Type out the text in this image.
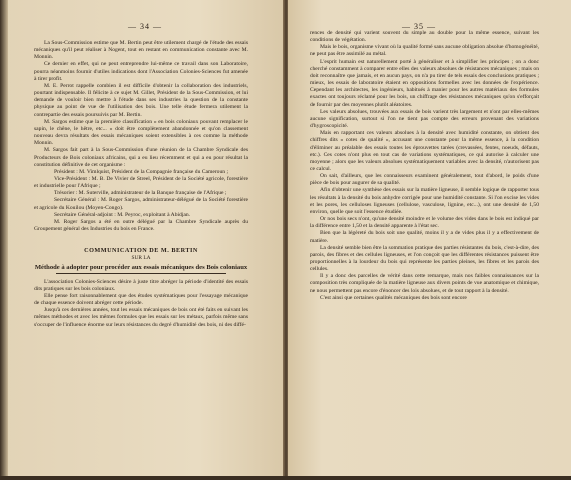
— 34 —

La Sous-Commission estime que M. Bertin peut être utilement chargé de l'étude des essais mécaniques qu'il peut réaliser à Nogent, tout en restant en communication constante avec M. Monnin.

Ce dernier en effet, qui ne peut entreprendre lui-même ce travail dans son Laboratoire, pourra néanmoins fournir d'utiles indications dont l'Association Colonies-Sciences fut amenée à tirer profit.

M. E. Perrot rappelle combien il est difficile d'obtenir la collaboration des industriels, pourtant indispensable. Il félicite à ce sujet M. Gillet, Président de la Sous-Commission, et lui demande de vouloir bien mettre à l'étude dans ses industries la question de la constante physique au point de vue de l'utilisation des bois. Une telle étude fermera utilement la contrepartie des essais poursuivis par M. Bertin.

M. Sargos estime que la première classification « en bois coloniaux pouvant remplacer le sapin, le chêne, le hêtre, etc... » doit être complètement abandonnée et qu'on classement nouveau devra résultats des essais mécaniques soient extensibles à ces comme la méthode Monnin.

M. Sargos fait part à la Sous-Commission d'une réunion de la Chambre Syndicale des Producteurs de Bois coloniaux africains, qui a eu lieu récemment et qui a eu pour résultat la constitution définitive de cet organisme :

Président : M. Vimlquist, Président de la Compagnie française du Cameroun ;

Vice-Président : M. B. De Vivier de Streel, Président de la Société agricole, forestière et industrielle pour l'Afrique ;

Trésorier : M. Suterville, administrateur de la Banque française de l'Afrique ;

Secrétaire Général : M. Roger Sargos, administrateur-délégué de la Société forestière et agricole du Kouilou (Moyen-Congo).

Secrétaire Général-adjoint : M. Peyroc, exploitant à Abidjan.

M. Roger Sargos a été en outre délégué par la Chambre Syndicale auprès du Groupement général des Industries du bois en France.

COMMUNICATION DE M. BERTIN
SUR LA
Méthode à adopter pour procéder aux essais mécaniques des Bois coloniaux

L'association Colonies-Sciences désire à juste titre abréger la période d'identité des essais dits pratiques sur les bois coloniaux.

Elle pense fort raisonnablement que des études systématiques pour l'essayage mécanique de chaque essence doivent abréger cette période.

Jusqu'à ces dernières années, tout les essais mécaniques de bois ont été faits en suivant les mêmes méthodes et avec les mêmes formules que les essais sur les métaux, parfois même sans s'occuper de l'influence énorme sur leurs résistances du degré d'humidité des bois, ni des diffé-

— 35 —

rences de densité qui varient souvent du simple au double pour la même essence, suivant les conditions de végétation.

Mais le bois, organisme vivant où la qualité formé sans aucune obligation absolue d'homogénéité, ne peut pas être assimilé au métal.

L'esprit humain est naturellement porté à généraliser et à simplifier les principes ; on a donc cherché constamment à comparer entre elles des valeurs absolues de résistances mécaniques ; mais on doit reconnaître que jamais, et en aucun pays, on n'a pu tirer de tels essais des conclusions pratiques ; mieux, les essais de laboratoire étaient en oppositions formelles avec les données de l'expérience. Cependant les architectes, les ingénieurs, habitués à manier pour les autres matériaux des formules exactes ont toujours réclamé pour les bois, un chiffrage des résistances mécaniques qu'on s'efforçait de fournir par des moyennes plutôt aléatoires.

Les valeurs absolues, trouvées aux essais de bois varient très largement et n'ont par elles-mêmes aucune signification, surtout si l'on ne tient pas compte des erreurs provenant des variations d'hygroscopicité.

Mais en rapportant ces valeurs absolues à la densité avec humidité constante, on obtient des chiffres dits « cotes de qualité », accusant une constante pour la même essence, à la condition d'éliminer au préalable des essais toutes les éprouvettes tarées (crevassées, fentes, noeuds, défauts, etc.). Ces cotes n'ont plus en tout cas de variations systématiques, ce qui autorise à calculer une moyenne ; alors que les valeurs absolues systématiquement variables avec la densité, n'autorisent pas ce calcul.

On sait, d'ailleurs, que les connaisseurs examinent généralement, tout d'abord, le poids d'une pièce de bois pour augurer de sa qualité.

Afin d'obtenir une synthèse des essais sur la matière ligneuse, il semble logique de rapporter tous les résultats à la densité du bois anhydre corrigée pour une humidité constante. Si l'on excise les vides et les pores, les celluloses ligneuses (cellulose, vasculose, lignine, etc...), ont une densité de 1,50 environ, quelle que soit l'essence étudiée.

Or nos bois secs n'ont, qu'une densité moindre et le volume des vides dans le bois est indiqué par la différence entre 1,50 et la densité apparente à l'état sec.

Bien que la légèreté du bois soit une qualité, moins il y a de vides plus il y a effectivement de matière.

La densité semble bien être la sommation pratique des parties résistantes du bois, c'est-à-dire, des parois, des fibres et des cellules ligneuses, et l'on conçoit que les différentes résistances puissent être proportionnelles à la lourdeur du bois qui représente les parties pleines, les fibres et les parois des cellules.

Il y a donc des parcelles de vérité dans cette remarque, mais nos faibles connaissances sur la composition très compliquée de la matière ligneuse aux divers points de vue anatomique et chimique, ne nous permettent pas encore d'énoncer des lois absolues, et de tout rapport à la densité.

C'est ainsi que certaines qualités mécaniques des bois sont encore
